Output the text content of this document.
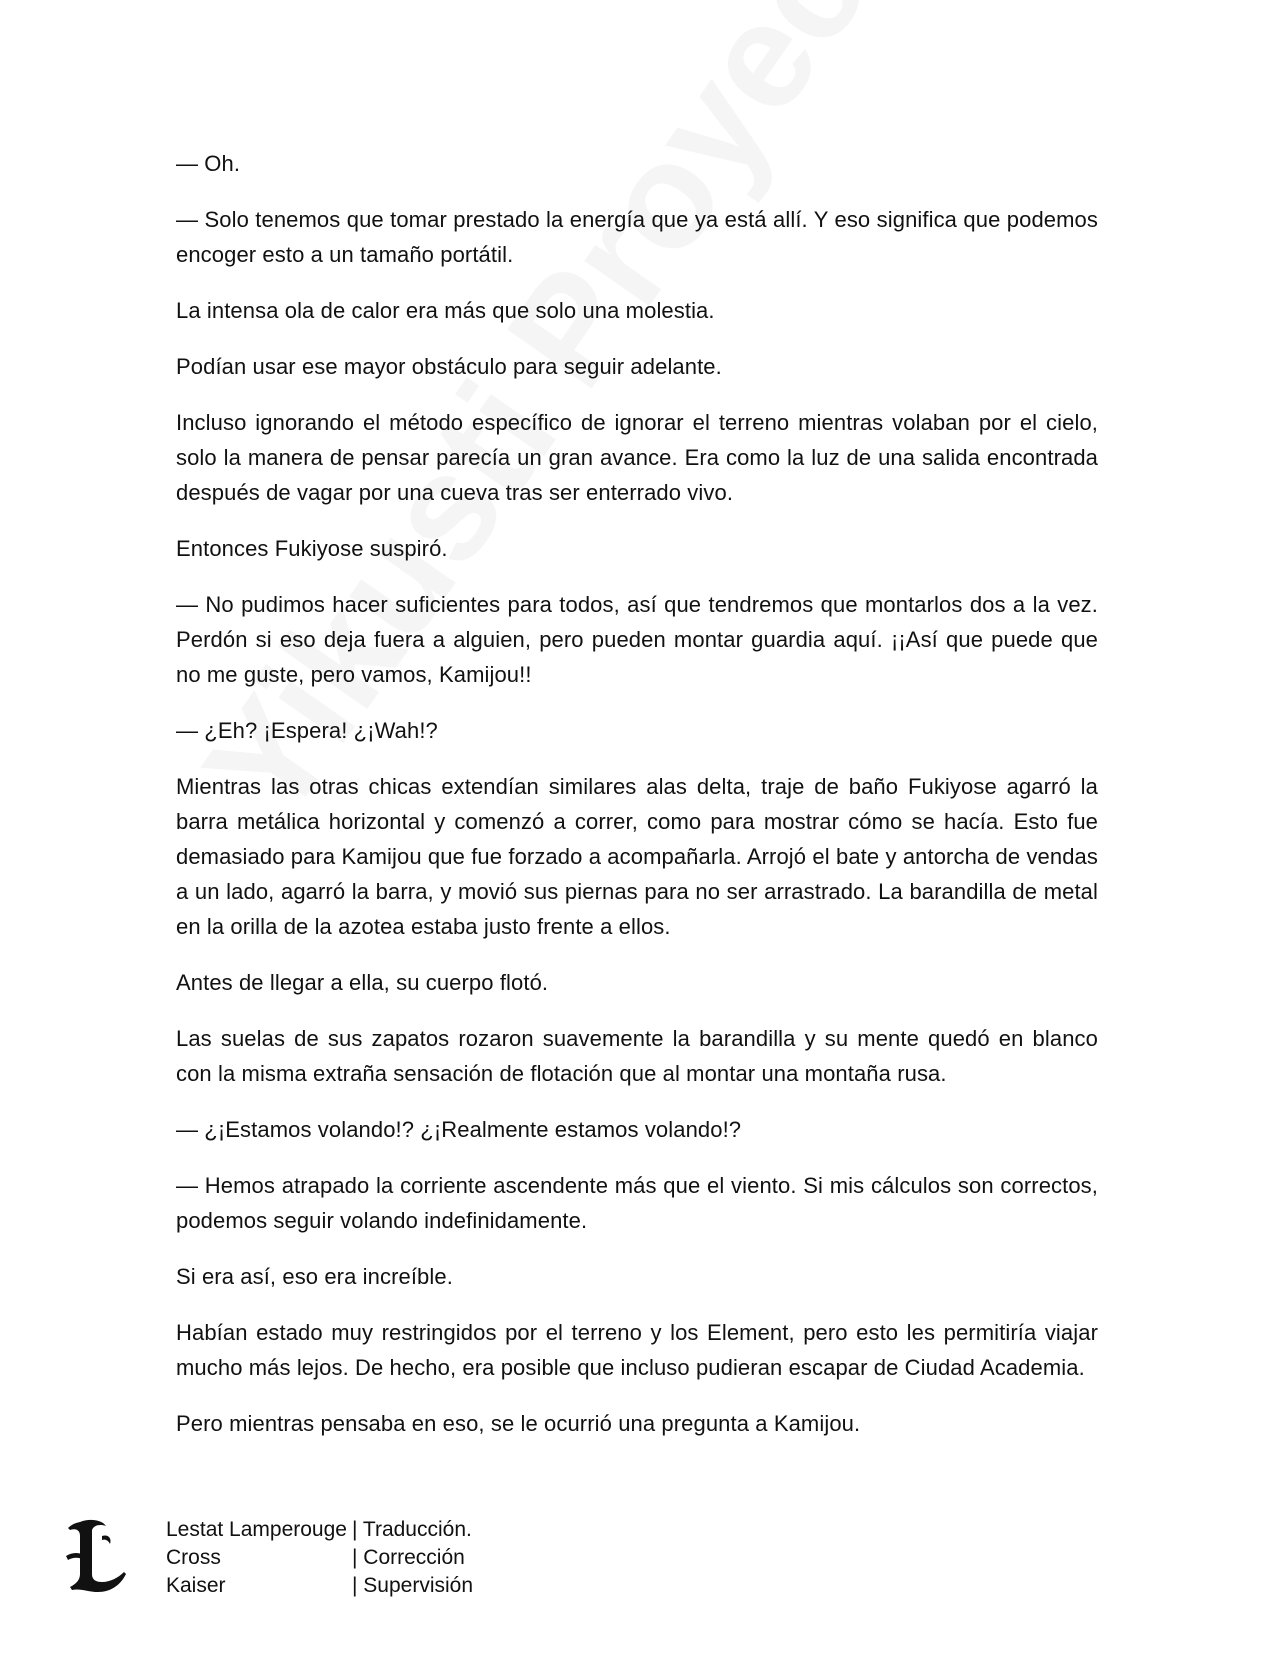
— Oh.

— Solo tenemos que tomar prestado la energía que ya está allí. Y eso significa que podemos encoger esto a un tamaño portátil.

La intensa ola de calor era más que solo una molestia.

Podían usar ese mayor obstáculo para seguir adelante.

Incluso ignorando el método específico de ignorar el terreno mientras volaban por el cielo, solo la manera de pensar parecía un gran avance. Era como la luz de una salida encontrada después de vagar por una cueva tras ser enterrado vivo.

Entonces Fukiyose suspiró.

— No pudimos hacer suficientes para todos, así que tendremos que montarlos dos a la vez. Perdón si eso deja fuera a alguien, pero pueden montar guardia aquí. ¡¡Así que puede que no me guste, pero vamos, Kamijou!!

— ¿Eh? ¡Espera! ¿¡Wah!?

Mientras las otras chicas extendían similares alas delta, traje de baño Fukiyose agarró la barra metálica horizontal y comenzó a correr, como para mostrar cómo se hacía. Esto fue demasiado para Kamijou que fue forzado a acompañarla. Arrojó el bate y antorcha de vendas a un lado, agarró la barra, y movió sus piernas para no ser arrastrado. La barandilla de metal en la orilla de la azotea estaba justo frente a ellos.

Antes de llegar a ella, su cuerpo flotó.

Las suelas de sus zapatos rozaron suavemente la barandilla y su mente quedó en blanco con la misma extraña sensación de flotación que al montar una montaña rusa.

— ¿¡Estamos volando!? ¿¡Realmente estamos volando!?

— Hemos atrapado la corriente ascendente más que el viento. Si mis cálculos son correctos, podemos seguir volando indefinidamente.

Si era así, eso era increíble.

Habían estado muy restringidos por el terreno y los Element, pero esto les permitiría viajar mucho más lejos. De hecho, era posible que incluso pudieran escapar de Ciudad Academia.

Pero mientras pensaba en eso, se le ocurrió una pregunta a Kamijou.

Lestat Lamperouge | Traducción.
Cross	| Corrección
Kaiser	| Supervisión
